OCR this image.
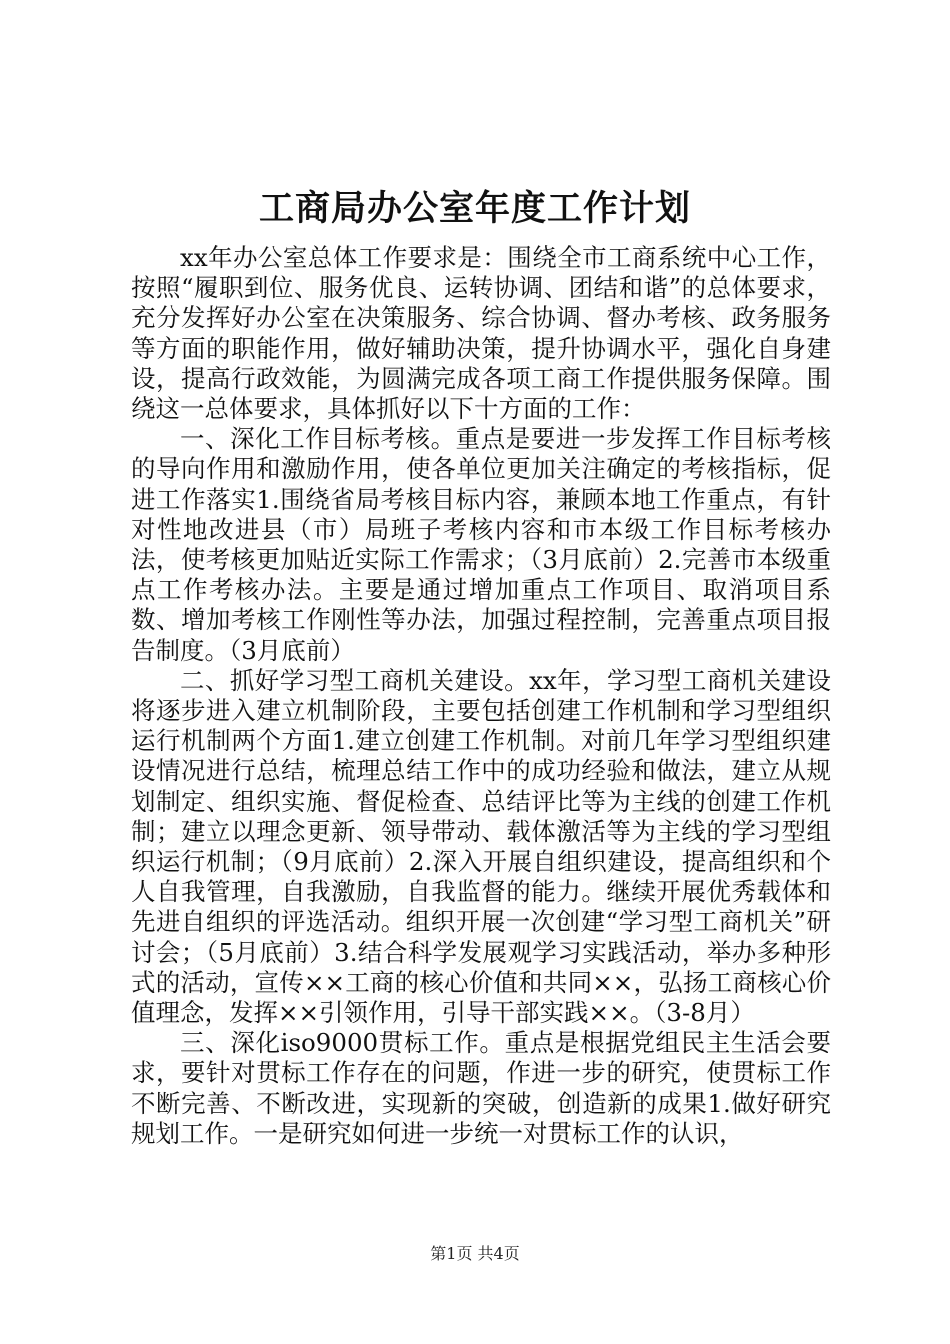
工商局办公室年度工作计划

xx年办公室总体工作要求是：围绕全市工商系统中心工作，按照“履职到位、服务优良、运转协调、团结和谐”的总体要求，充分发挥好办公室在决策服务、综合协调、督办考核、政务服务等方面的职能作用，做好辅助决策，提升协调水平，强化自身建设，提高行政效能，为圆满完成各项工商工作提供服务保障。围绕这一总体要求，具体抓好以下十方面的工作：

一、深化工作目标考核。重点是要进一步发挥工作目标考核的导向作用和激励作用，使各单位更加关注确定的考核指标，促进工作落实1.围绕省局考核目标内容，兼顾本地工作重点，有针对性地改进县（市）局班子考核内容和市本级工作目标考核办法，使考核更加贴近实际工作需求；（3月底前）2.完善市本级重点工作考核办法。主要是通过增加重点工作项目、取消项目系数、增加考核工作刚性等办法，加强过程控制，完善重点项目报告制度。（3月底前）

二、抓好学习型工商机关建设。xx年，学习型工商机关建设将逐步进入建立机制阶段，主要包括创建工作机制和学习型组织运行机制两个方面1.建立创建工作机制。对前几年学习型组织建设情况进行总结，梳理总结工作中的成功经验和做法，建立从规划制定、组织实施、督促检查、总结评比等为主线的创建工作机制；建立以理念更新、领导带动、载体激活等为主线的学习型组织运行机制；（9月底前）2.深入开展自组织建设，提高组织和个人自我管理，自我激励，自我监督的能力。继续开展优秀载体和先进自组织的评选活动。组织开展一次创建“学习型工商机关”研讨会；（5月底前）3.结合科学发展观学习实践活动，举办多种形式的活动，宣传××工商的核心价值和共同××，弘扬工商核心价值理念，发挥××引领作用，引导干部实践××。（3-8月）

三、深化iso9000贯标工作。重点是根据党组民主生活会要求，要针对贯标工作存在的问题，作进一步的研究，使贯标工作不断完善、不断改进，实现新的突破，创造新的成果1.做好研究规划工作。一是研究如何进一步统一对贯标工作的认识，

第1页 共4页
